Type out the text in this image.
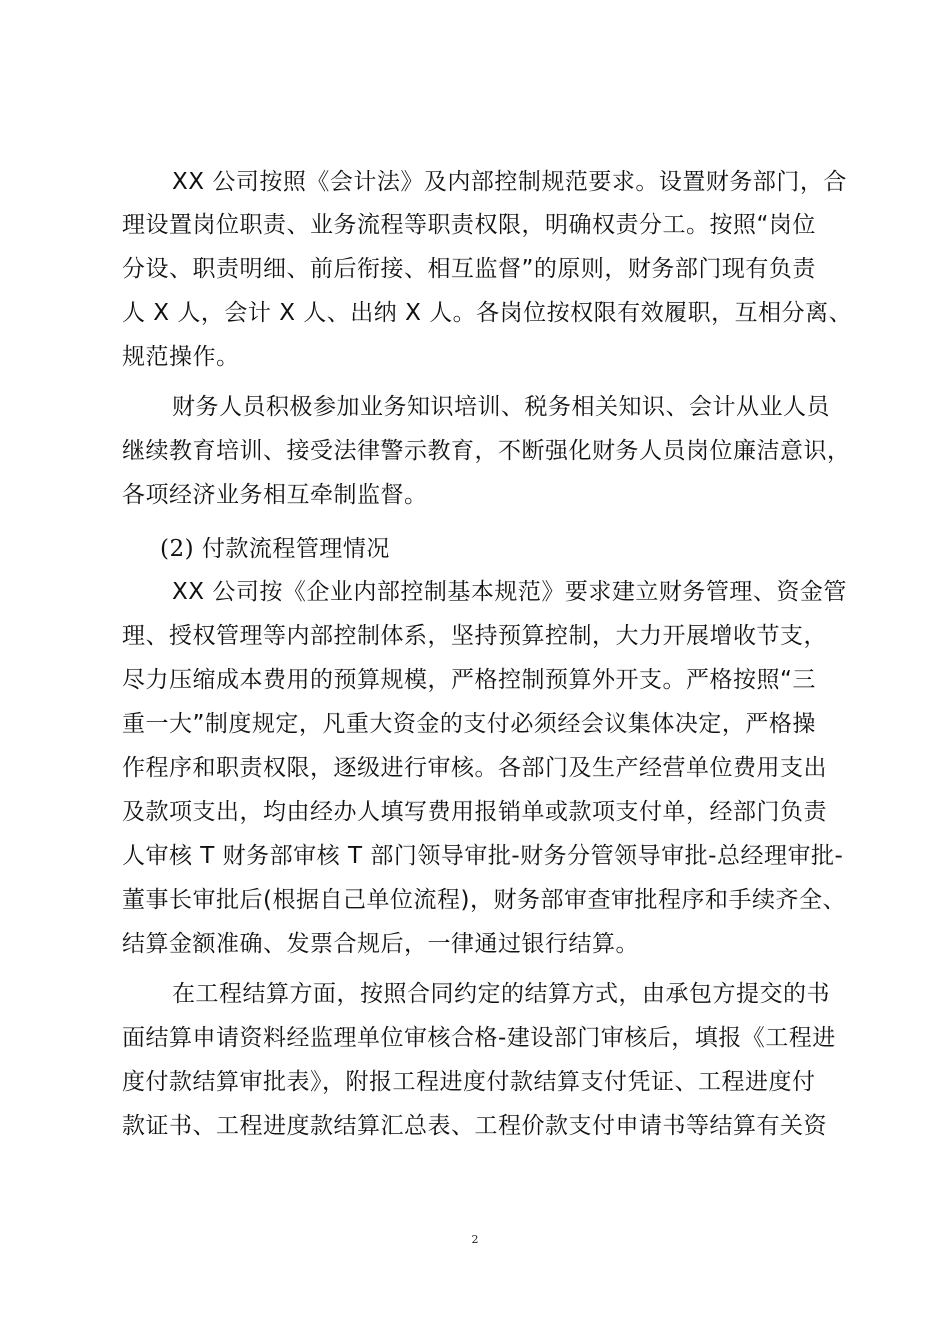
XX 公司按照《会计法》及内部控制规范要求。设置财务部门，合
理设置岗位职责、业务流程等职责权限，明确权责分工。按照“岗位
分设、职责明细、前后衔接、相互监督”的原则，财务部门现有负责
人 X 人，会计 X 人、出纳 X 人。各岗位按权限有效履职，互相分离、
规范操作。
财务人员积极参加业务知识培训、税务相关知识、会计从业人员
继续教育培训、接受法律警示教育，不断强化财务人员岗位廉洁意识，
各项经济业务相互牵制监督。
(2) 付款流程管理情况
XX 公司按《企业内部控制基本规范》要求建立财务管理、资金管
理、授权管理等内部控制体系，坚持预算控制，大力开展增收节支，
尽力压缩成本费用的预算规模，严格控制预算外开支。严格按照“三
重一大”制度规定，凡重大资金的支付必须经会议集体决定，严格操
作程序和职责权限，逐级进行审核。各部门及生产经营单位费用支出
及款项支出，均由经办人填写费用报销单或款项支付单，经部门负责
人审核 T 财务部审核 T 部门领导审批-财务分管领导审批-总经理审批-
董事长审批后(根据自己单位流程)，财务部审查审批程序和手续齐全、
结算金额准确、发票合规后，一律通过银行结算。
在工程结算方面，按照合同约定的结算方式，由承包方提交的书
面结算申请资料经监理单位审核合格-建设部门审核后，填报《工程进
度付款结算审批表》，附报工程进度付款结算支付凭证、工程进度付
款证书、工程进度款结算汇总表、工程价款支付申请书等结算有关资
2
